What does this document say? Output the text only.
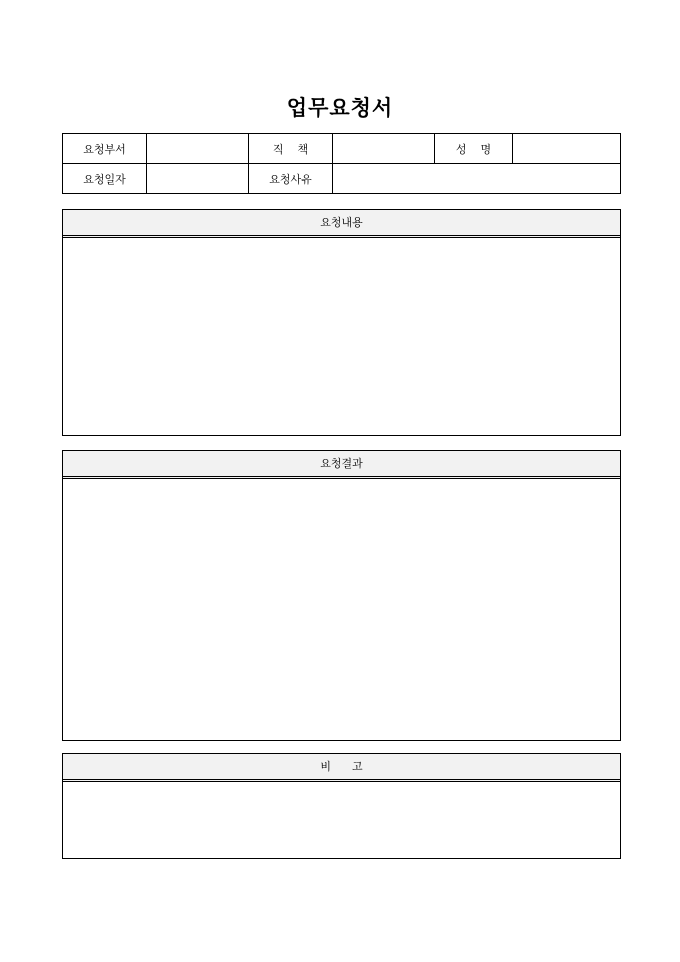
업무요청서
요청부서		직    책		성    명	
요청일자		요청사유			
요청내용
요청결과
비      고
